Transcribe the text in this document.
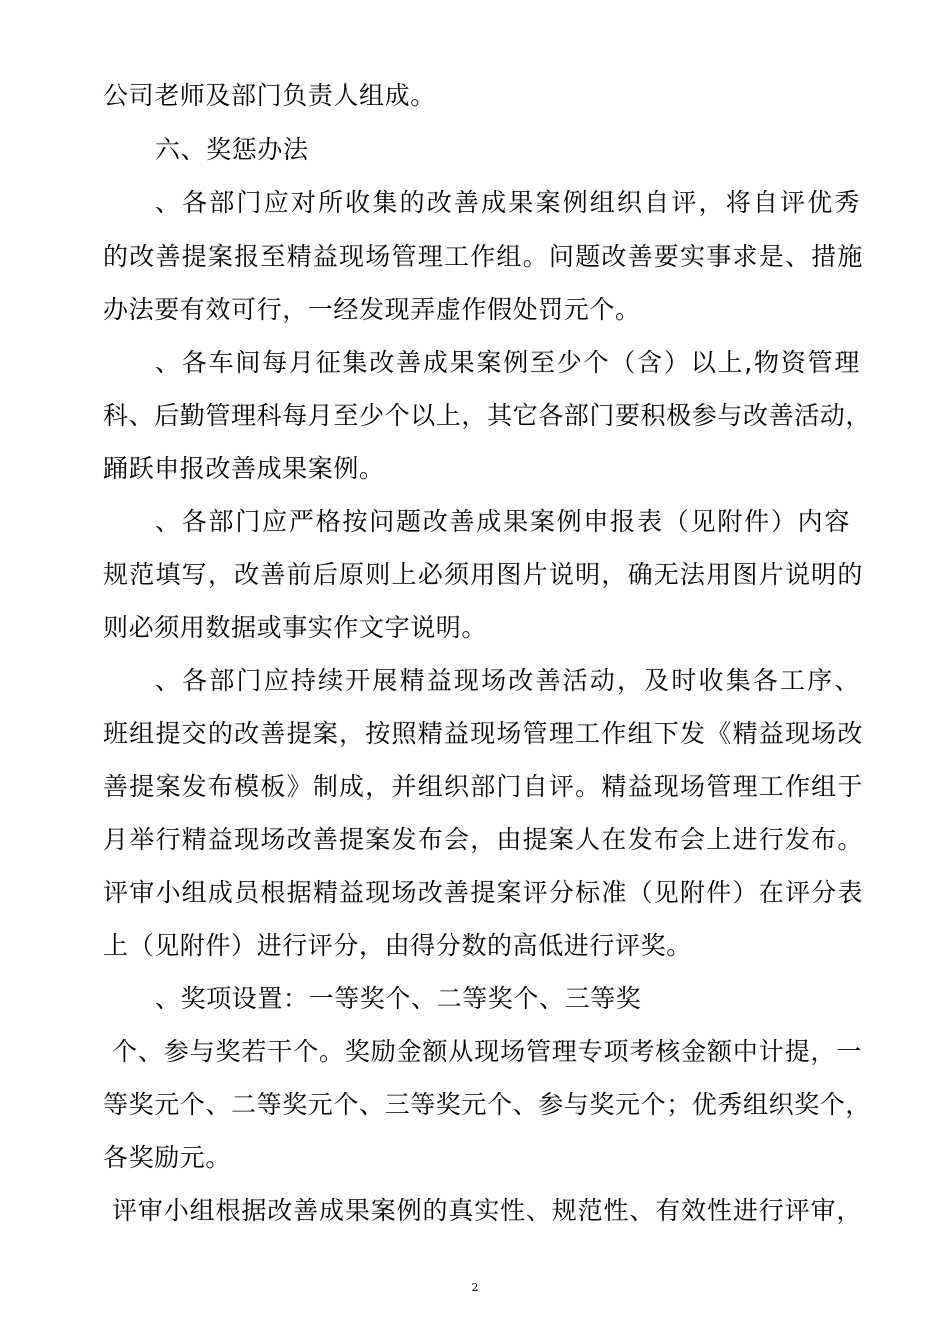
公司老师及部门负责人组成。
六、奖惩办法
、各部门应对所收集的改善成果案例组织自评，将自评优秀
的改善提案报至精益现场管理工作组。问题改善要实事求是、措施
办法要有效可行，一经发现弄虚作假处罚元个。
、各车间每月征集改善成果案例至少个（含）以上,物资管理
科、后勤管理科每月至少个以上，其它各部门要积极参与改善活动，
踊跃申报改善成果案例。
、各部门应严格按问题改善成果案例申报表（见附件）内容
规范填写，改善前后原则上必须用图片说明，确无法用图片说明的
则必须用数据或事实作文字说明。
、各部门应持续开展精益现场改善活动，及时收集各工序、
班组提交的改善提案，按照精益现场管理工作组下发《精益现场改
善提案发布模板》制成，并组织部门自评。精益现场管理工作组于
月举行精益现场改善提案发布会，由提案人在发布会上进行发布。
评审小组成员根据精益现场改善提案评分标准（见附件）在评分表
上（见附件）进行评分，由得分数的高低进行评奖。
、奖项设置：一等奖个、二等奖个、三等奖
个、参与奖若干个。奖励金额从现场管理专项考核金额中计提，一
等奖元个、二等奖元个、三等奖元个、参与奖元个；优秀组织奖个，
各奖励元。
评审小组根据改善成果案例的真实性、规范性、有效性进行评审，
2
